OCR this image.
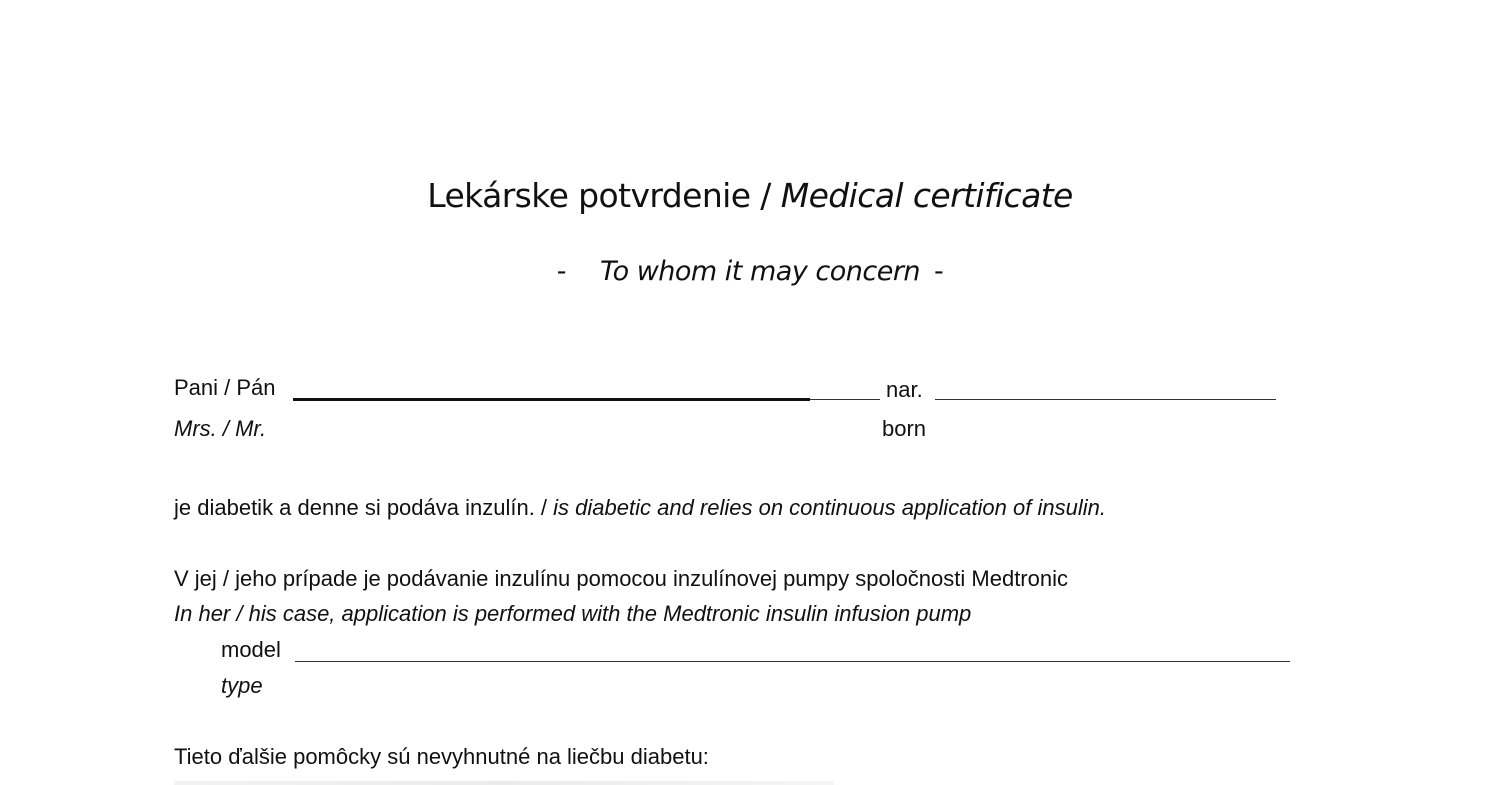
Lekárske potvrdenie / Medical certificate
- To whom it may concern -
Pani / Pán	nar.
Mrs. / Mr.	born
je diabetik a denne si podáva inzulín. / is diabetic and relies on continuous application of insulin.
V jej / jeho prípade je podávanie inzulínu pomocou inzulínovej pumpy spoločnosti Medtronic
In her / his case, application is performed with the Medtronic insulin infusion pump
model
type
Tieto ďalšie pomôcky sú nevyhnutné na liečbu diabetu:
